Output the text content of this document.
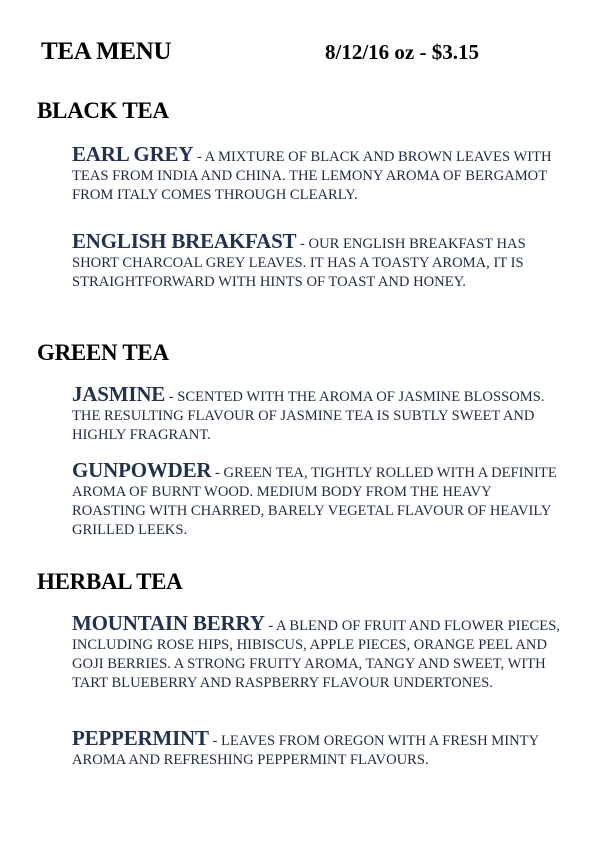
TEA MENU	8/12/16 oz - $3.15
BLACK TEA
EARL GREY - A MIXTURE OF BLACK AND BROWN LEAVES WITH TEAS FROM INDIA AND CHINA. THE LEMONY AROMA OF BERGAMOT FROM ITALY COMES THROUGH CLEARLY.
ENGLISH BREAKFAST - OUR ENGLISH BREAKFAST HAS SHORT CHARCOAL GREY LEAVES. IT HAS A TOASTY AROMA, IT IS STRAIGHTFORWARD WITH HINTS OF TOAST AND HONEY.
GREEN TEA
JASMINE - SCENTED WITH THE AROMA OF JASMINE BLOSSOMS. THE RESULTING FLAVOUR OF JASMINE TEA IS SUBTLY SWEET AND HIGHLY FRAGRANT.
GUNPOWDER - GREEN TEA, TIGHTLY ROLLED WITH A DEFINITE AROMA OF BURNT WOOD. MEDIUM BODY FROM THE HEAVY ROASTING WITH CHARRED, BARELY VEGETAL FLAVOUR OF HEAVILY GRILLED LEEKS.
HERBAL TEA
MOUNTAIN BERRY - A BLEND OF FRUIT AND FLOWER PIECES, INCLUDING ROSE HIPS, HIBISCUS, APPLE PIECES, ORANGE PEEL AND GOJI BERRIES. A STRONG FRUITY AROMA, TANGY AND SWEET, WITH TART BLUEBERRY AND RASPBERRY FLAVOUR UNDERTONES.
PEPPERMINT - LEAVES FROM OREGON WITH A FRESH MINTY AROMA AND REFRESHING PEPPERMINT FLAVOURS.
